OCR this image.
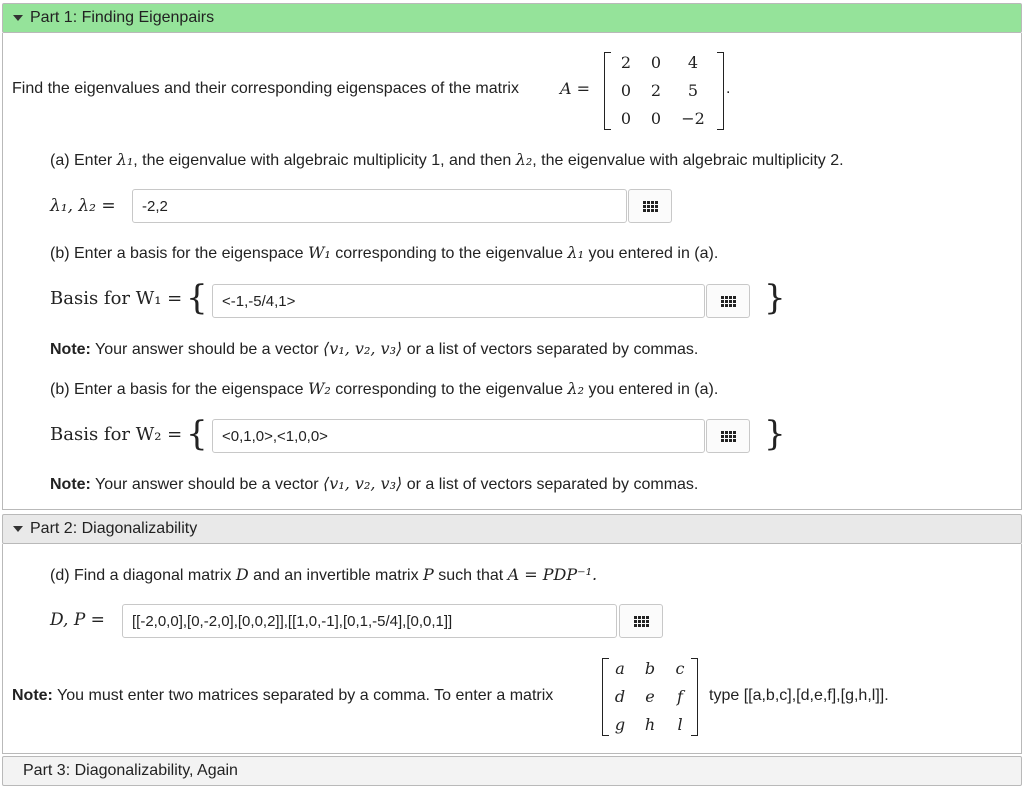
Part 1: Finding Eigenpairs
Find the eigenvalues and their corresponding eigenspaces of the matrix	A =
2	0	4
0	2	5
0	0	−2
.
(a) Enter λ₁, the eigenvalue with algebraic multiplicity 1, and then λ₂, the eigenvalue with algebraic multiplicity 2.
λ₁, λ₂ =
-2,2
(b) Enter a basis for the eigenspace W₁ corresponding to the eigenvalue λ₁ you entered in (a).
Basis for W₁ = {
<-1,-5/4,1>	}
Note: Your answer should be a vector ⟨v₁, v₂, v₃⟩ or a list of vectors separated by commas.
(b) Enter a basis for the eigenspace W₂ corresponding to the eigenvalue λ₂ you entered in (a).
Basis for W₂ = {
<0,1,0>,<1,0,0>	}
Note: Your answer should be a vector ⟨v₁, v₂, v₃⟩ or a list of vectors separated by commas.
Part 2: Diagonalizability
(d) Find a diagonal matrix D and an invertible matrix P such that A = PDP⁻¹.
D, P =
[[-2,0,0],[0,-2,0],[0,0,2]],[[1,0,-1],[0,1,-5/4],[0,0,1]]
Note: You must enter two matrices separated by a comma. To enter a matrix
a	b	c
d	e	f
g	h	l
type [[a,b,c],[d,e,f],[g,h,l]].
Part 3: Diagonalizability, Again
